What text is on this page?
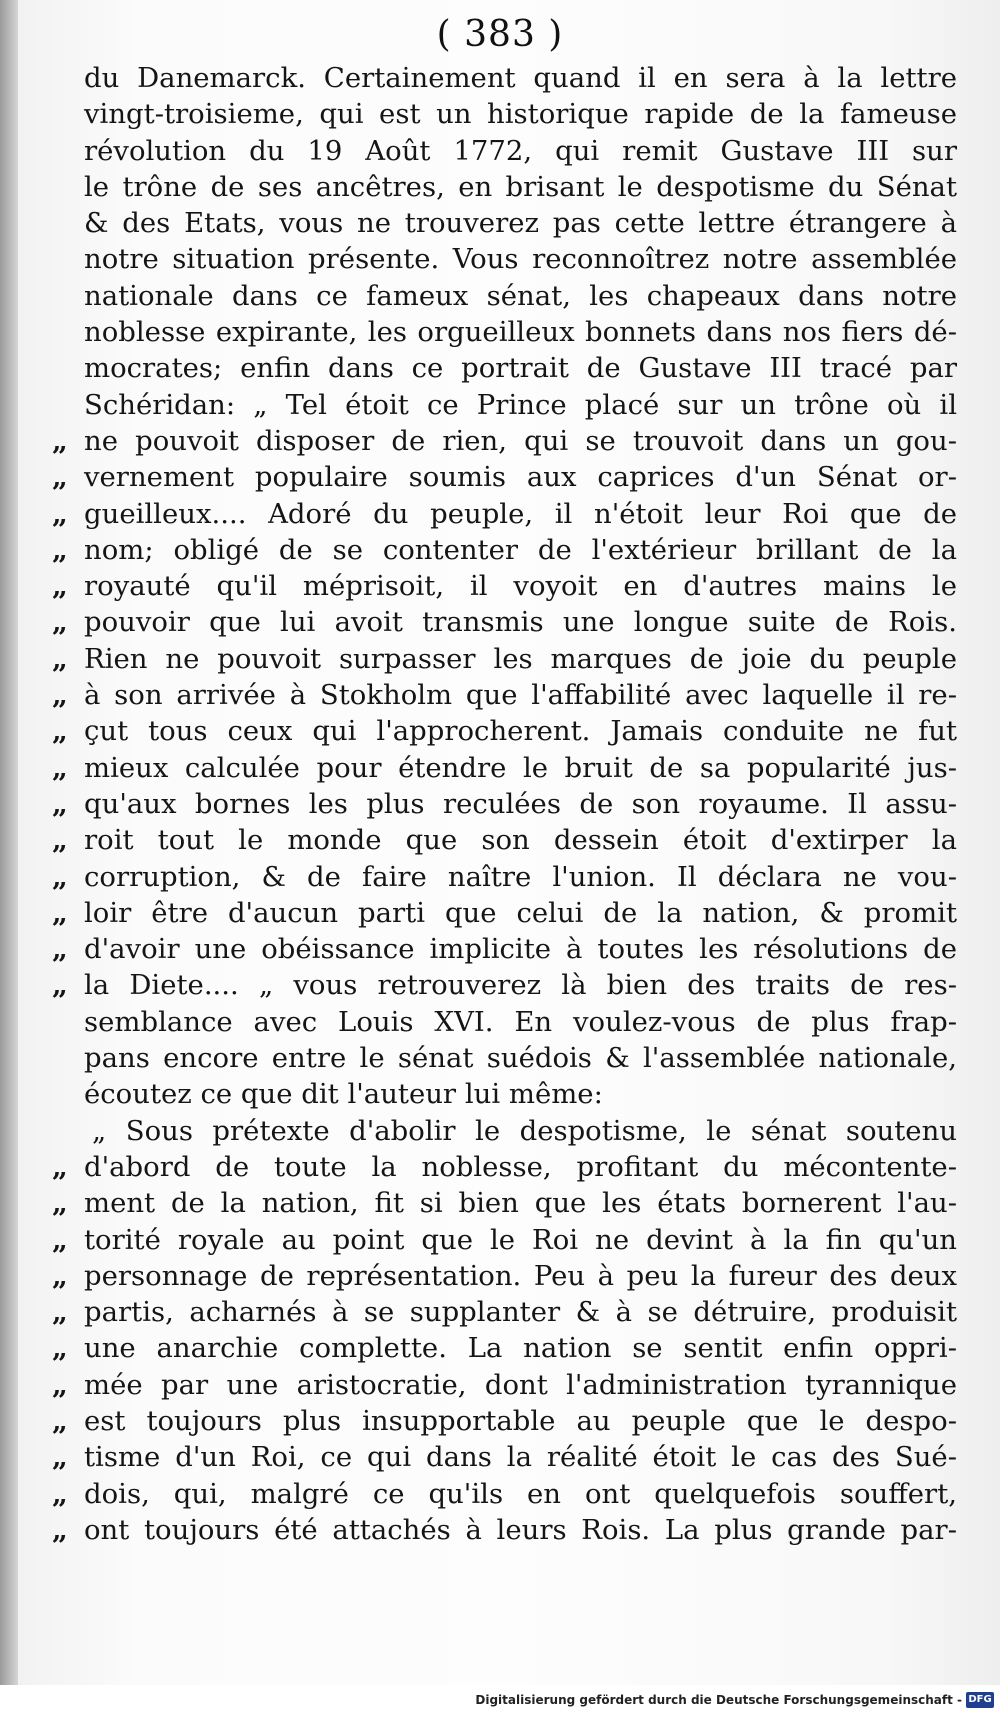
( 383 )
du Danemarck. Certainement quand il en sera à la lettre
vingt-troisieme, qui est un historique rapide de la fameuse
révolution du 19 Août 1772, qui remit Gustave III sur
le trône de ses ancêtres, en brisant le despotisme du Sénat
& des Etats, vous ne trouverez pas cette lettre étrangere à
notre situation présente. Vous reconnoîtrez notre assemblée
nationale dans ce fameux sénat, les chapeaux dans notre
noblesse expirante, les orgueilleux bonnets dans nos fiers dé-
mocrates; enfin dans ce portrait de Gustave III tracé par
Schéridan: „ Tel étoit ce Prince placé sur un trône où il
„ ne pouvoit disposer de rien, qui se trouvoit dans un gou-
„ vernement populaire soumis aux caprices d'un Sénat or-
„ gueilleux.... Adoré du peuple, il n'étoit leur Roi que de
„ nom; obligé de se contenter de l'extérieur brillant de la
„ royauté qu'il méprisoit, il voyoit en d'autres mains le
„ pouvoir que lui avoit transmis une longue suite de Rois.
„ Rien ne pouvoit surpasser les marques de joie du peuple
„ à son arrivée à Stokholm que l'affabilité avec laquelle il re-
„ çut tous ceux qui l'approcherent. Jamais conduite ne fut
„ mieux calculée pour étendre le bruit de sa popularité jus-
„ qu'aux bornes les plus reculées de son royaume. Il assu-
„ roit tout le monde que son dessein étoit d'extirper la
„ corruption, & de faire naître l'union. Il déclara ne vou-
„ loir être d'aucun parti que celui de la nation, & promit
„ d'avoir une obéissance implicite à toutes les résolutions de
„ la Diete.... „ vous retrouverez là bien des traits de res-
semblance avec Louis XVI. En voulez-vous de plus frap-
pans encore entre le sénat suédois & l'assemblée nationale,
écoutez ce que dit l'auteur lui même:
„ Sous prétexte d'abolir le despotisme, le sénat soutenu
„ d'abord de toute la noblesse, profitant du mécontente-
„ ment de la nation, fit si bien que les états bornerent l'au-
„ torité royale au point que le Roi ne devint à la fin qu'un
„ personnage de représentation. Peu à peu la fureur des deux
„ partis, acharnés à se supplanter & à se détruire, produisit
„ une anarchie complette. La nation se sentit enfin oppri-
„ mée par une aristocratie, dont l'administration tyrannique
„ est toujours plus insupportable au peuple que le despo-
„ tisme d'un Roi, ce qui dans la réalité étoit le cas des Sué-
„ dois, qui, malgré ce qu'ils en ont quelquefois souffert,
„ ont toujours été attachés à leurs Rois. La plus grande par-
Digitalisierung gefördert durch die Deutsche Forschungsgemeinschaft - DFG
